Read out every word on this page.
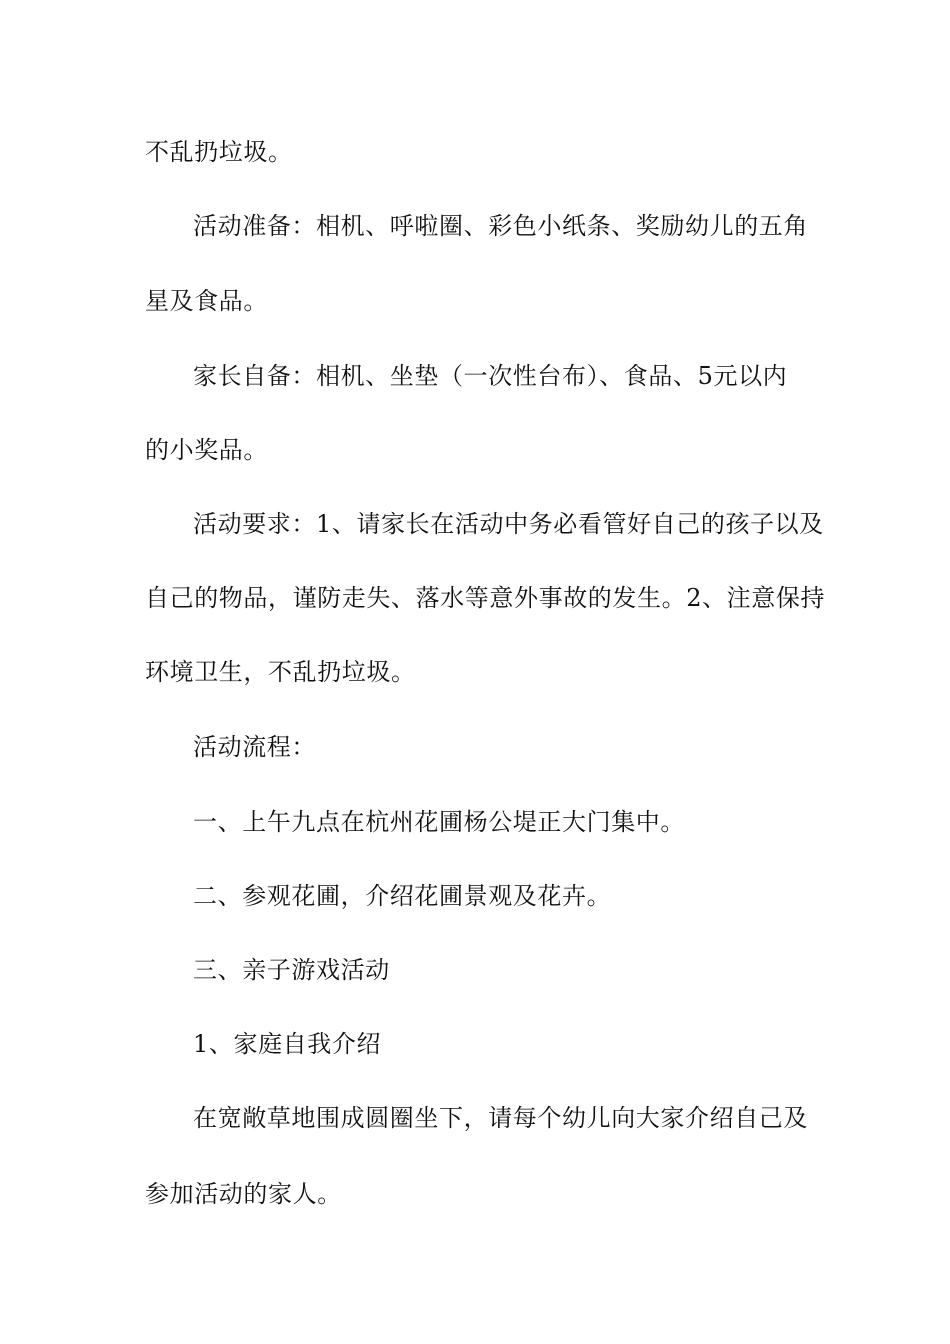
不乱扔垃圾。
活动准备：相机、呼啦圈、彩色小纸条、奖励幼儿的五角
星及食品。
家长自备：相机、坐垫（一次性台布）、食品、5元以内
的小奖品。
活动要求：1、请家长在活动中务必看管好自己的孩子以及
自己的物品，谨防走失、落水等意外事故的发生。2、注意保持
环境卫生，不乱扔垃圾。
活动流程：
一、上午九点在杭州花圃杨公堤正大门集中。
二、参观花圃，介绍花圃景观及花卉。
三、亲子游戏活动
1、家庭自我介绍
在宽敞草地围成圆圈坐下，请每个幼儿向大家介绍自己及
参加活动的家人。
